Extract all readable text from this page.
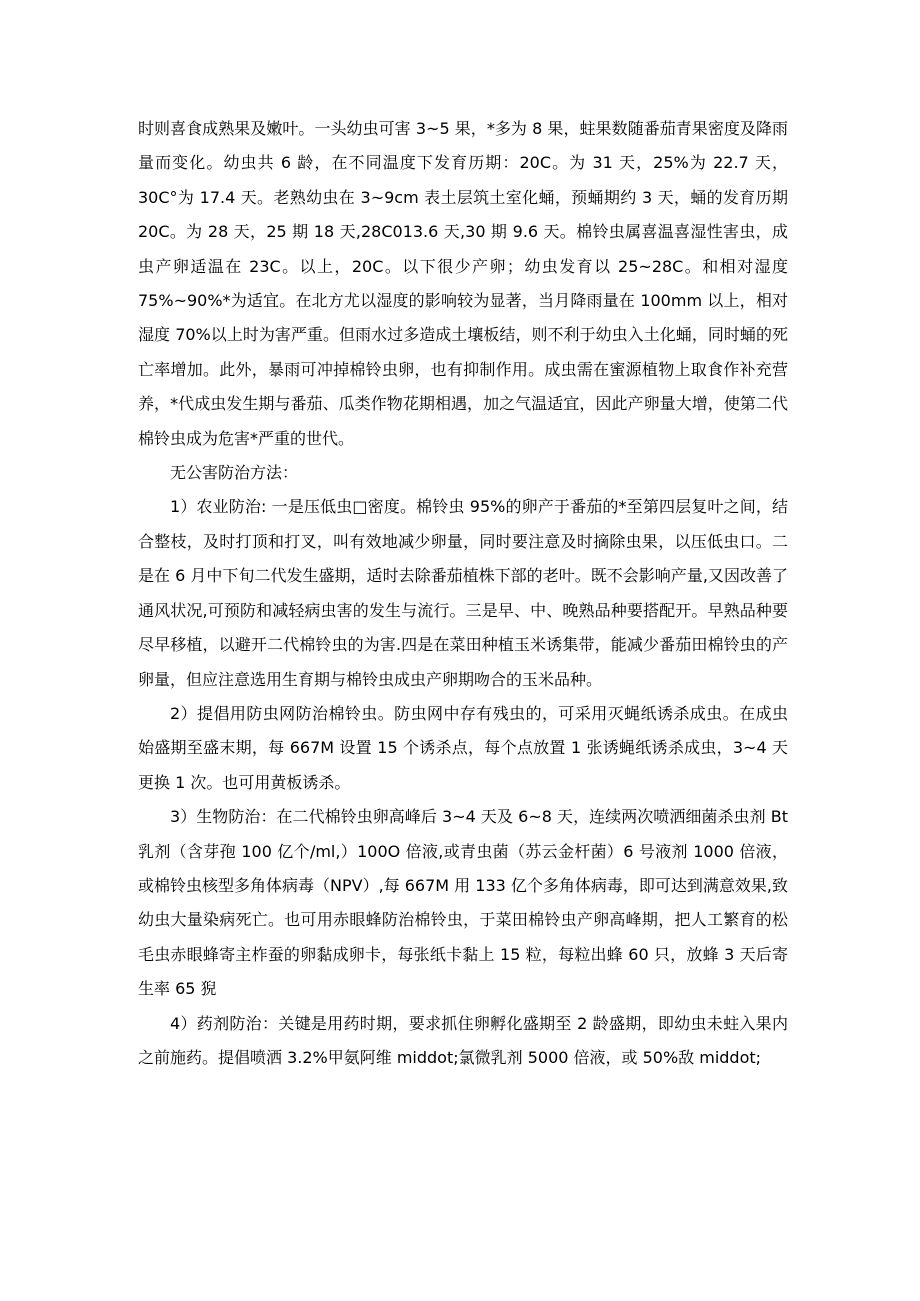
时则喜食成熟果及嫩叶。一头幼虫可害 3~5 果，*多为 8 果，蛀果数随番茄青果密度及降雨量而变化。幼虫共 6 龄，在不同温度下发育历期：20C。为 31 天，25%为 22.7 天，30C°为 17.4 天。老熟幼虫在 3~9cm 表土层筑土室化蛹，预蛹期约 3 天，蛹的发育历期 20C。为 28 天，25 期 18 天,28C013.6 天,30 期 9.6 天。棉铃虫属喜温喜湿性害虫，成虫产卵适温在 23C。以上，20C。以下很少产卵；幼虫发育以 25~28C。和相对湿度 75%~90%*为适宜。在北方尤以湿度的影响较为显著，当月降雨量在 100mm 以上，相对湿度 70%以上时为害严重。但雨水过多造成土壤板结，则不利于幼虫入土化蛹，同时蛹的死亡率增加。此外，暴雨可冲掉棉铃虫卵，也有抑制作用。成虫需在蜜源植物上取食作补充营养，*代成虫发生期与番茄、瓜类作物花期相遇，加之气温适宜，因此产卵量大增，使第二代棉铃虫成为危害*严重的世代。

无公害防治方法：

1）农业防治: 一是压低虫□密度。棉铃虫 95%的卵产于番茄的*至第四层复叶之间，结合整枝，及时打顶和打叉，叫有效地减少卵量，同时要注意及时摘除虫果，以压低虫口。二是在 6 月中下旬二代发生盛期，适时去除番茄植株下部的老叶。既不会影响产量,又因改善了通风状况,可预防和减轻病虫害的发生与流行。三是早、中、晚熟品种要搭配开。早熟品种要尽早移植，以避开二代棉铃虫的为害.四是在菜田种植玉米诱集带，能减少番茄田棉铃虫的产卵量，但应注意选用生育期与棉铃虫成虫产卵期吻合的玉米品种。

2）提倡用防虫网防治棉铃虫。防虫网中存有残虫的，可采用灭蝇纸诱杀成虫。在成虫始盛期至盛末期，每 667M 设置 15 个诱杀点，每个点放置 1 张诱蝇纸诱杀成虫，3~4 天更换 1 次。也可用黄板诱杀。

3）生物防治：在二代棉铃虫卵高峰后 3~4 天及 6~8 天，连续两次喷洒细菌杀虫剂 Bt 乳剂（含芽孢 100 亿个/ml,）100O 倍液,或青虫菌（苏云金杆菌）6 号液剂 1000 倍液，或棉铃虫核型多角体病毒（NPV）,每 667M 用 133 亿个多角体病毒，即可达到满意效果,致幼虫大量染病死亡。也可用赤眼蜂防治棉铃虫，于菜田棉铃虫产卵高峰期，把人工繁育的松毛虫赤眼蜂寄主柞蚕的卵黏成卵卡，每张纸卡黏上 15 粒，每粒出蜂 60 只，放蜂 3 天后寄生率 65 猊

4）药剂防治：关键是用药时期，要求抓住卵孵化盛期至 2 龄盛期，即幼虫未蛀入果内之前施药。提倡喷洒 3.2%甲氨阿维 middot;氯微乳剂 5000 倍液，或 50%敌 middot;
